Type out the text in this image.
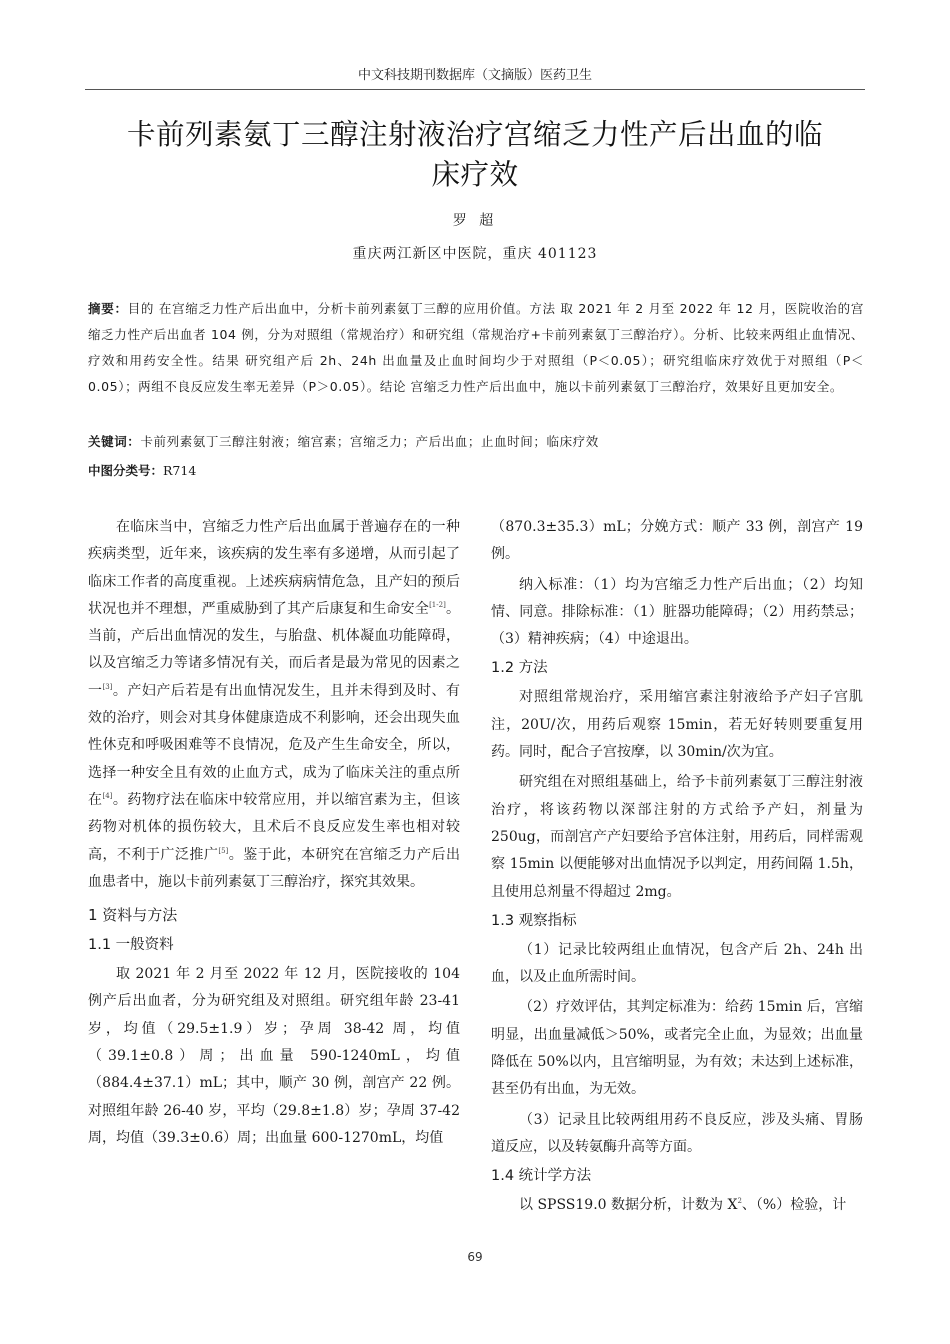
中文科技期刊数据库（文摘版）医药卫生
卡前列素氨丁三醇注射液治疗宫缩乏力性产后出血的临
床疗效
罗 超
重庆两江新区中医院，重庆 401123
摘要：目的 在宫缩乏力性产后出血中，分析卡前列素氨丁三醇的应用价值。方法 取 2021 年 2 月至 2022 年 12 月，医院收治的宫缩乏力性产后出血者 104 例，分为对照组（常规治疗）和研究组（常规治疗+卡前列素氨丁三醇治疗）。分析、比较来两组止血情况、疗效和用药安全性。结果 研究组产后 2h、24h 出血量及止血时间均少于对照组（P＜0.05）；研究组临床疗效优于对照组（P＜0.05）；两组不良反应发生率无差异（P＞0.05）。结论 宫缩乏力性产后出血中，施以卡前列素氨丁三醇治疗，效果好且更加安全。
关键词：卡前列素氨丁三醇注射液；缩宫素；宫缩乏力；产后出血；止血时间；临床疗效
中图分类号：R714

在临床当中，宫缩乏力性产后出血属于普遍存在的一种疾病类型，近年来，该疾病的发生率有多递增，从而引起了临床工作者的高度重视。上述疾病病情危急，且产妇的预后状况也并不理想，严重威胁到了其产后康复和生命安全[1-2]。当前，产后出血情况的发生，与胎盘、机体凝血功能障碍，以及宫缩乏力等诸多情况有关，而后者是最为常见的因素之一[3]。产妇产后若是有出血情况发生，且并未得到及时、有效的治疗，则会对其身体健康造成不利影响，还会出现失血性休克和呼吸困难等不良情况，危及产生生命安全，所以，选择一种安全且有效的止血方式，成为了临床关注的重点所在[4]。药物疗法在临床中较常应用，并以缩宫素为主，但该药物对机体的损伤较大，且术后不良反应发生率也相对较高，不利于广泛推广[5]。鉴于此，本研究在宫缩乏力产后出血患者中，施以卡前列素氨丁三醇治疗，探究其效果。

1 资料与方法
1.1 一般资料

取 2021 年 2 月至 2022 年 12 月，医院接收的 104 例产后出血者，分为研究组及对照组。研究组年龄 23-41 岁，均值（29.5±1.9）岁；孕周 38-42 周，均值（39.1±0.8）周；出血量 590-1240mL，均值（884.4±37.1）mL；其中，顺产 30 例，剖宫产 22 例。对照组年龄 26-40 岁，平均（29.8±1.8）岁；孕周 37-42 周，均值（39.3±0.6）周；出血量 600-1270mL，均值

（870.3±35.3）mL；分娩方式：顺产 33 例，剖宫产 19 例。

纳入标准：（1）均为宫缩乏力性产后出血；（2）均知情、同意。排除标准：（1）脏器功能障碍；（2）用药禁忌；（3）精神疾病；（4）中途退出。

1.2 方法

对照组常规治疗，采用缩宫素注射液给予产妇子宫肌注，20U/次，用药后观察 15min，若无好转则要重复用药。同时，配合子宫按摩，以 30min/次为宜。

研究组在对照组基础上，给予卡前列素氨丁三醇注射液治疗，将该药物以深部注射的方式给予产妇，剂量为 250ug，而剖宫产产妇要给予宫体注射，用药后，同样需观察 15min 以便能够对出血情况予以判定，用药间隔 1.5h，且使用总剂量不得超过 2mg。

1.3 观察指标

（1）记录比较两组止血情况，包含产后 2h、24h 出血，以及止血所需时间。

（2）疗效评估，其判定标准为：给药 15min 后，宫缩明显，出血量减低＞50%，或者完全止血，为显效；出血量降低在 50%以内，且宫缩明显，为有效；未达到上述标准，甚至仍有出血，为无效。

（3）记录且比较两组用药不良反应，涉及头痛、胃肠道反应，以及转氨酶升高等方面。

1.4 统计学方法

以 SPSS19.0 数据分析，计数为 $X^2$、（%）检验，计

69
